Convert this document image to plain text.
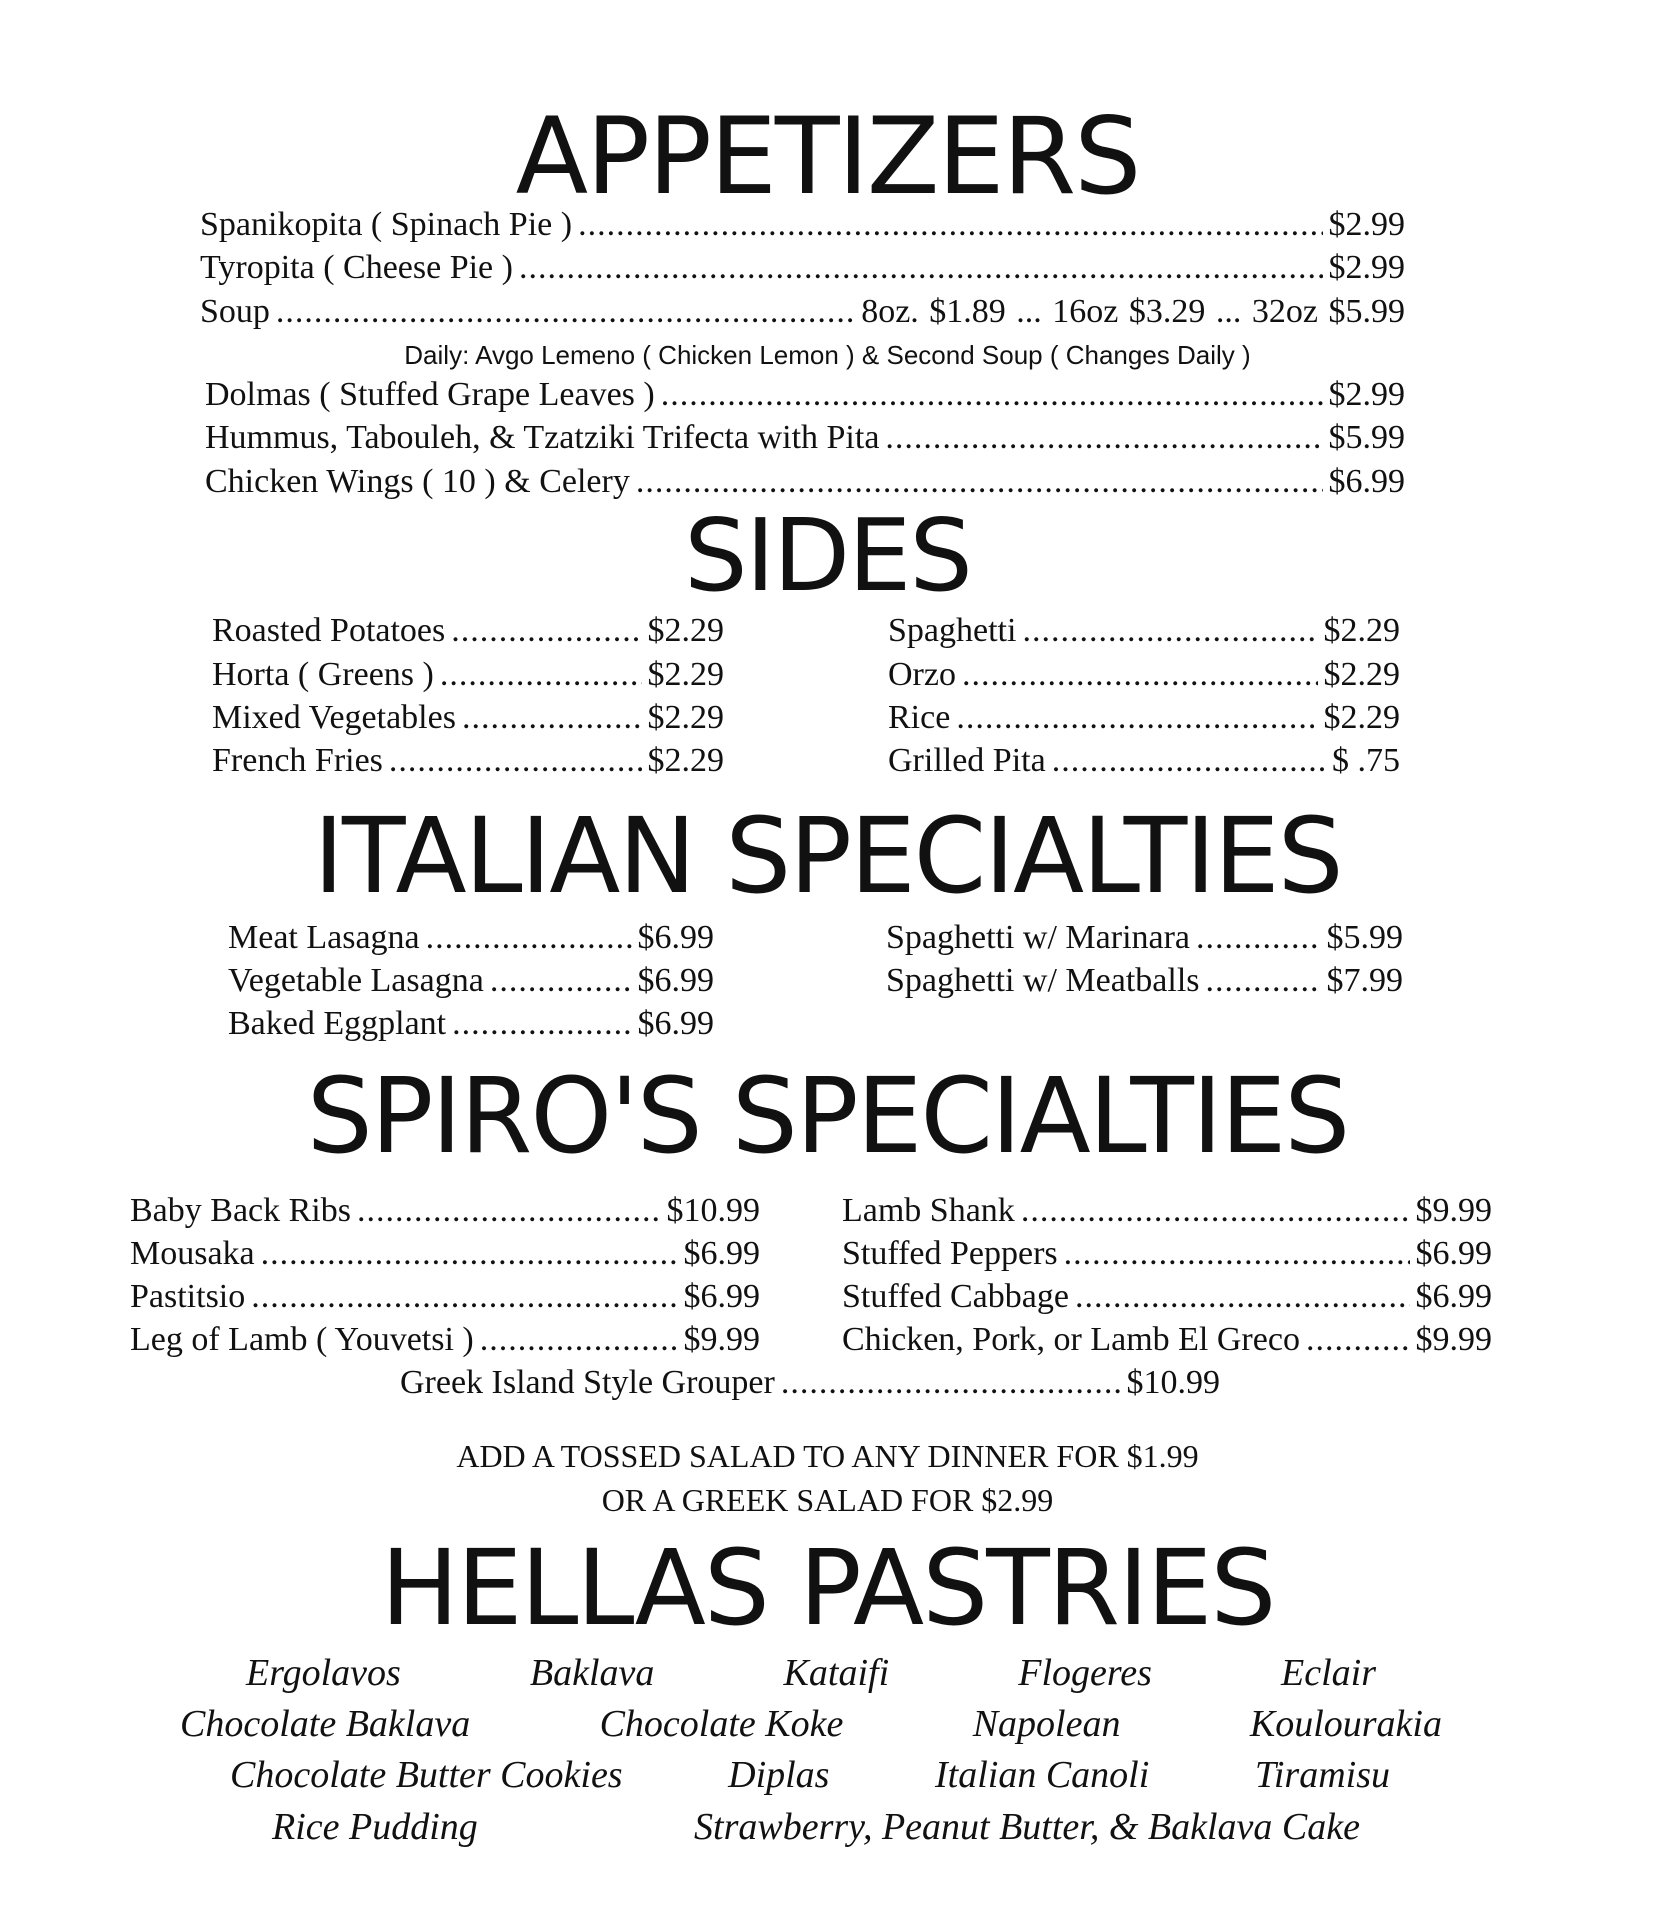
APPETIZERS
Spanikopita ( Spinach Pie ) .....	$2.99
Tyropita ( Cheese Pie ) .....	$2.99
Soup .....	8oz. $1.89 ... 16oz $3.29 ... 32oz $5.99
Daily: Avgo Lemeno ( Chicken Lemon ) & Second Soup ( Changes Daily )
Dolmas ( Stuffed Grape Leaves ) .....	$2.99
Hummus, Tabouleh, & Tzatziki Trifecta with Pita .....	$5.99
Chicken Wings ( 10 ) & Celery .....	$6.99
SIDES
Roasted Potatoes .....	$2.29
Horta ( Greens ) .....	$2.29
Mixed Vegetables .....	$2.29
French Fries .....	$2.29
Spaghetti .....	$2.29
Orzo .....	$2.29
Rice .....	$2.29
Grilled Pita .....	$ .75
ITALIAN SPECIALTIES
Meat Lasagna .....	$6.99
Vegetable Lasagna .....	$6.99
Baked Eggplant .....	$6.99
Spaghetti w/ Marinara .....	$5.99
Spaghetti w/ Meatballs .....	$7.99
SPIRO'S SPECIALTIES
Baby Back Ribs .....	$10.99
Mousaka .....	$6.99
Pastitsio .....	$6.99
Leg of Lamb ( Youvetsi ) .....	$9.99
Lamb Shank .....	$9.99
Stuffed Peppers .....	$6.99
Stuffed Cabbage .....	$6.99
Chicken, Pork, or Lamb El Greco .....	$9.99
Greek Island Style Grouper .....	$10.99
ADD A TOSSED SALAD TO ANY DINNER FOR $1.99
OR A GREEK SALAD FOR $2.99
HELLAS PASTRIES
Ergolavos	Baklava	Kataifi	Flogeres	Eclair
Chocolate Baklava	Chocolate Koke	Napolean	Koulourakia
Chocolate Butter Cookies	Diplas	Italian Canoli	Tiramisu
Rice Pudding	Strawberry, Peanut Butter, & Baklava Cake
